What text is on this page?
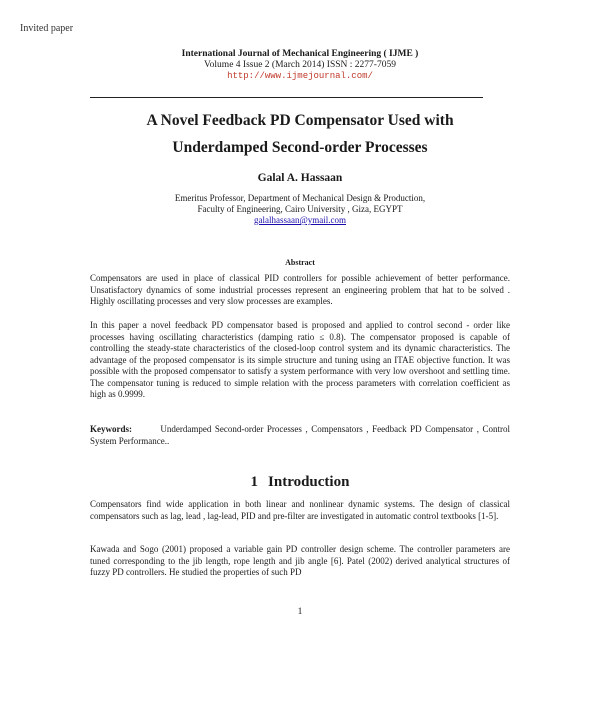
Invited paper
International Journal of Mechanical Engineering ( IJME )
Volume 4 Issue 2 (March 2014) ISSN : 2277-7059
http://www.ijmejournal.com/
A Novel Feedback PD Compensator Used with
Underdamped Second-order Processes
Galal A. Hassaan
Emeritus Professor, Department of Mechanical Design & Production,
Faculty of Engineering, Cairo University , Giza, EGYPT
galalhassaan@ymail.com
Abstract
Compensators are used in place of classical PID controllers for possible achievement of better performance. Unsatisfactory dynamics of some industrial processes represent an engineering problem that hat to be solved . Highly oscillating processes and very slow processes are examples.
In this paper a novel feedback PD compensator based is proposed and applied to control second - order like processes having oscillating characteristics (damping ratio ≤ 0.8). The compensator proposed is capable of controlling the steady-state characteristics of the closed-loop control system and its dynamic characteristics. The advantage of the proposed compensator is its simple structure and tuning using an ITAE objective function. It was possible with the proposed compensator to satisfy a system performance with very low overshoot and settling time. The compensator tuning is reduced to simple relation with the process parameters with correlation coefficient as high as 0.9999.
Keywords:	Underdamped Second-order Processes , Compensators , Feedback PD Compensator , Control System Performance..
1 Introduction
Compensators find wide application in both linear and nonlinear dynamic systems. The design of classical compensators such as lag, lead , lag-lead, PID and pre-filter are investigated in automatic control textbooks [1-5].
Kawada and Sogo (2001) proposed a variable gain PD controller design scheme. The controller parameters are tuned corresponding to the jib length, rope length and jib angle [6]. Patel (2002) derived analytical structures of fuzzy PD controllers. He studied the properties of such PD
1
